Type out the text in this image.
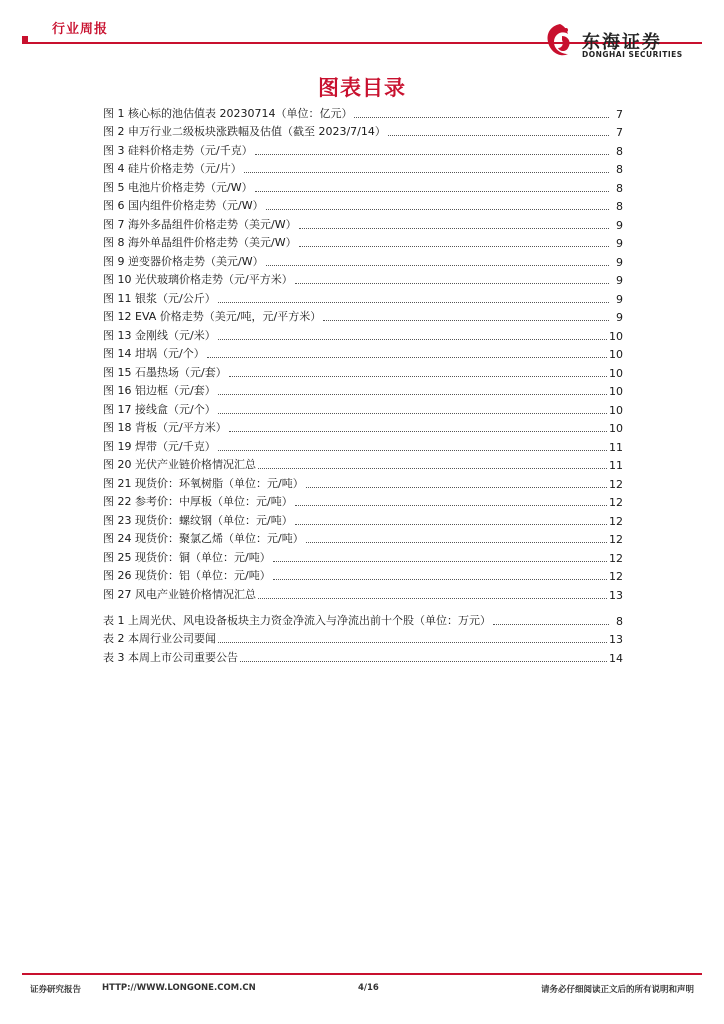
行业周报
东海证券
DONGHAI SECURITIES
图表目录
图 1 核心标的池估值表 20230714（单位：亿元）	7
图 2 申万行业二级板块涨跌幅及估值（截至 2023/7/14）	7
图 3 硅料价格走势（元/千克）	8
图 4 硅片价格走势（元/片）	8
图 5 电池片价格走势（元/W）	8
图 6 国内组件价格走势（元/W）	8
图 7 海外多晶组件价格走势（美元/W）	9
图 8 海外单晶组件价格走势（美元/W）	9
图 9 逆变器价格走势（美元/W）	9
图 10 光伏玻璃价格走势（元/平方米）	9
图 11 银浆（元/公斤）	9
图 12 EVA 价格走势（美元/吨，元/平方米）	9
图 13 金刚线（元/米）	10
图 14 坩埚（元/个）	10
图 15 石墨热场（元/套）	10
图 16 铝边框（元/套）	10
图 17 接线盒（元/个）	10
图 18 背板（元/平方米）	10
图 19 焊带（元/千克）	11
图 20 光伏产业链价格情况汇总	11
图 21 现货价：环氧树脂（单位：元/吨）	12
图 22 参考价：中厚板（单位：元/吨）	12
图 23 现货价：螺纹钢（单位：元/吨）	12
图 24 现货价：聚氯乙烯（单位：元/吨）	12
图 25 现货价：铜（单位：元/吨）	12
图 26 现货价：铝（单位：元/吨）	12
图 27 风电产业链价格情况汇总	13
表 1 上周光伏、风电设备板块主力资金净流入与净流出前十个股（单位：万元）	8
表 2 本周行业公司要闻	13
表 3 本周上市公司重要公告	14
证券研究报告 HTTP://WWW.LONGONE.COM.CN	4/16	请务必仔细阅读正文后的所有说明和声明
